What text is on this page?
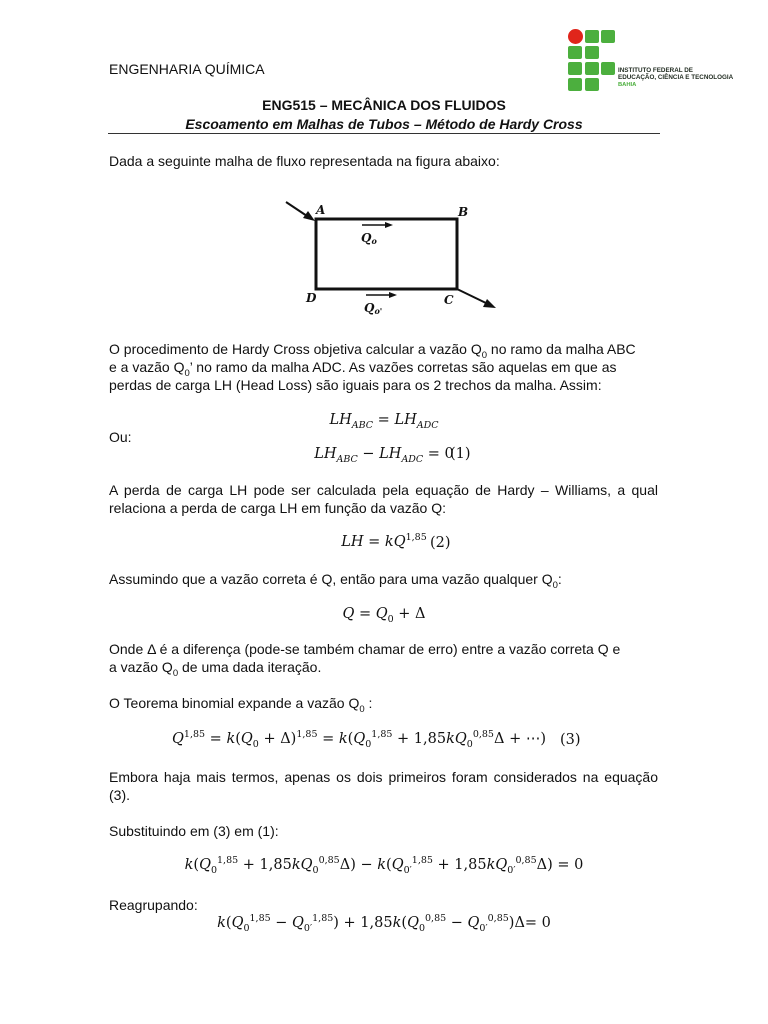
ENGENHARIA QUÍMICA	INSTITUTO FEDERAL DE
EDUCAÇÃO, CIÊNCIA E TECNOLOGIA
BAHIA
ENG515 – MECÂNICA DOS FLUIDOS
Escoamento em Malhas de Tubos – Método de Hardy Cross
Dada a seguinte malha de fluxo representada na figura abaixo:
A	B
C
D
Qo
Qo'
O procedimento de Hardy Cross objetiva calcular a vazão $Q_0$ no ramo da malha ABC
e a vazão $Q_0$’ no ramo da malha ADC. As vazões corretas são aquelas em que as
perdas de carga LH (Head Loss) são iguais para os 2 trechos da malha. Assim:
$LH_{ABC} = LH_{ADC}$
Ou:
$LH_{ABC} - LH_{ADC} = 0$
(1)
A perda de carga LH pode ser calculada pela equação de Hardy – Williams, a qual relaciona a perda de carga LH em função da vazão Q:
LH = kQ$^{1,85}$ (2)
Assumindo que a vazão correta é Q, então para uma vazão qualquer $Q_0$:
$Q = Q_0 + \Delta$
Onde Δ é a diferença (pode-se também chamar de erro) entre a vazão correta Q e
a vazão $Q_0$ de uma dada iteração.
O Teorema binomial expande a vazão $Q_0$ :
$Q^{1,85} = k(Q_0 + \Delta)^{1,85} = k(Q_0^{1,85} + 1,85kQ_0^{0,85}\Delta$ + ⋯) (3)
Embora haja mais termos, apenas os dois primeiros foram considerados na equação (3).
Substituindo em (3) em (1):
$k(Q_0^{1,85} + 1,85kQ_0^{0,85}\Delta) - k(Q_{0'}^{1,85} + 1,85kQ_{0'}^{0,85}\Delta) = 0$
Reagrupando:
$k(Q_0^{1,85} - Q_{0'}^{1,85}) + 1,85k(Q_0^{0,85} - Q_{0'}^{0,85})\Delta= 0$
